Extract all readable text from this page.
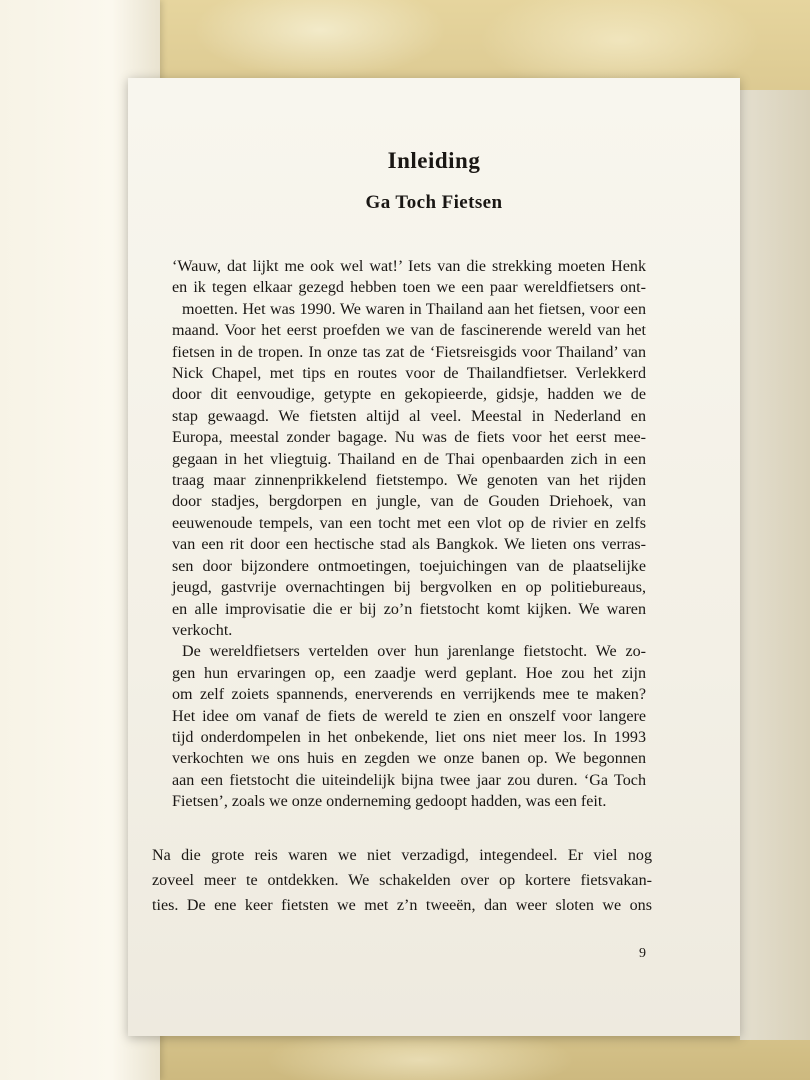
Inleiding
Ga Toch Fietsen
‘Wauw, dat lijkt me ook wel wat!’ Iets van die strekking moeten Henk
en ik tegen elkaar gezegd hebben toen we een paar wereldfietsers ont-
moetten. Het was 1990. We waren in Thailand aan het fietsen, voor een
maand. Voor het eerst proefden we van de fascinerende wereld van het
fietsen in de tropen. In onze tas zat de ‘Fietsreisgids voor Thailand’ van
Nick Chapel, met tips en routes voor de Thailandfietser. Verlekkerd
door dit eenvoudige, getypte en gekopieerde, gidsje, hadden we de
stap gewaagd. We fietsten altijd al veel. Meestal in Nederland en
Europa, meestal zonder bagage. Nu was de fiets voor het eerst mee-
gegaan in het vliegtuig. Thailand en de Thai openbaarden zich in een
traag maar zinnenprikkelend fietstempo. We genoten van het rijden
door stadjes, bergdorpen en jungle, van de Gouden Driehoek, van
eeuwenoude tempels, van een tocht met een vlot op de rivier en zelfs
van een rit door een hectische stad als Bangkok. We lieten ons verras-
sen door bijzondere ontmoetingen, toejuichingen van de plaatselijke
jeugd, gastvrije overnachtingen bij bergvolken en op politiebureaus,
en alle improvisatie die er bij zo’n fietstocht komt kijken. We waren
verkocht.
De wereldfietsers vertelden over hun jarenlange fietstocht. We zo-
gen hun ervaringen op, een zaadje werd geplant. Hoe zou het zijn
om zelf zoiets spannends, enerverends en verrijkends mee te maken?
Het idee om vanaf de fiets de wereld te zien en onszelf voor langere
tijd onderdompelen in het onbekende, liet ons niet meer los. In 1993
verkochten we ons huis en zegden we onze banen op. We begonnen
aan een fietstocht die uiteindelijk bijna twee jaar zou duren. ‘Ga Toch
Fietsen’, zoals we onze onderneming gedoopt hadden, was een feit.
Na die grote reis waren we niet verzadigd, integendeel. Er viel nog
zoveel meer te ontdekken. We schakelden over op kortere fietsvakan-
ties. De ene keer fietsten we met z’n tweeën, dan weer sloten we ons
9
